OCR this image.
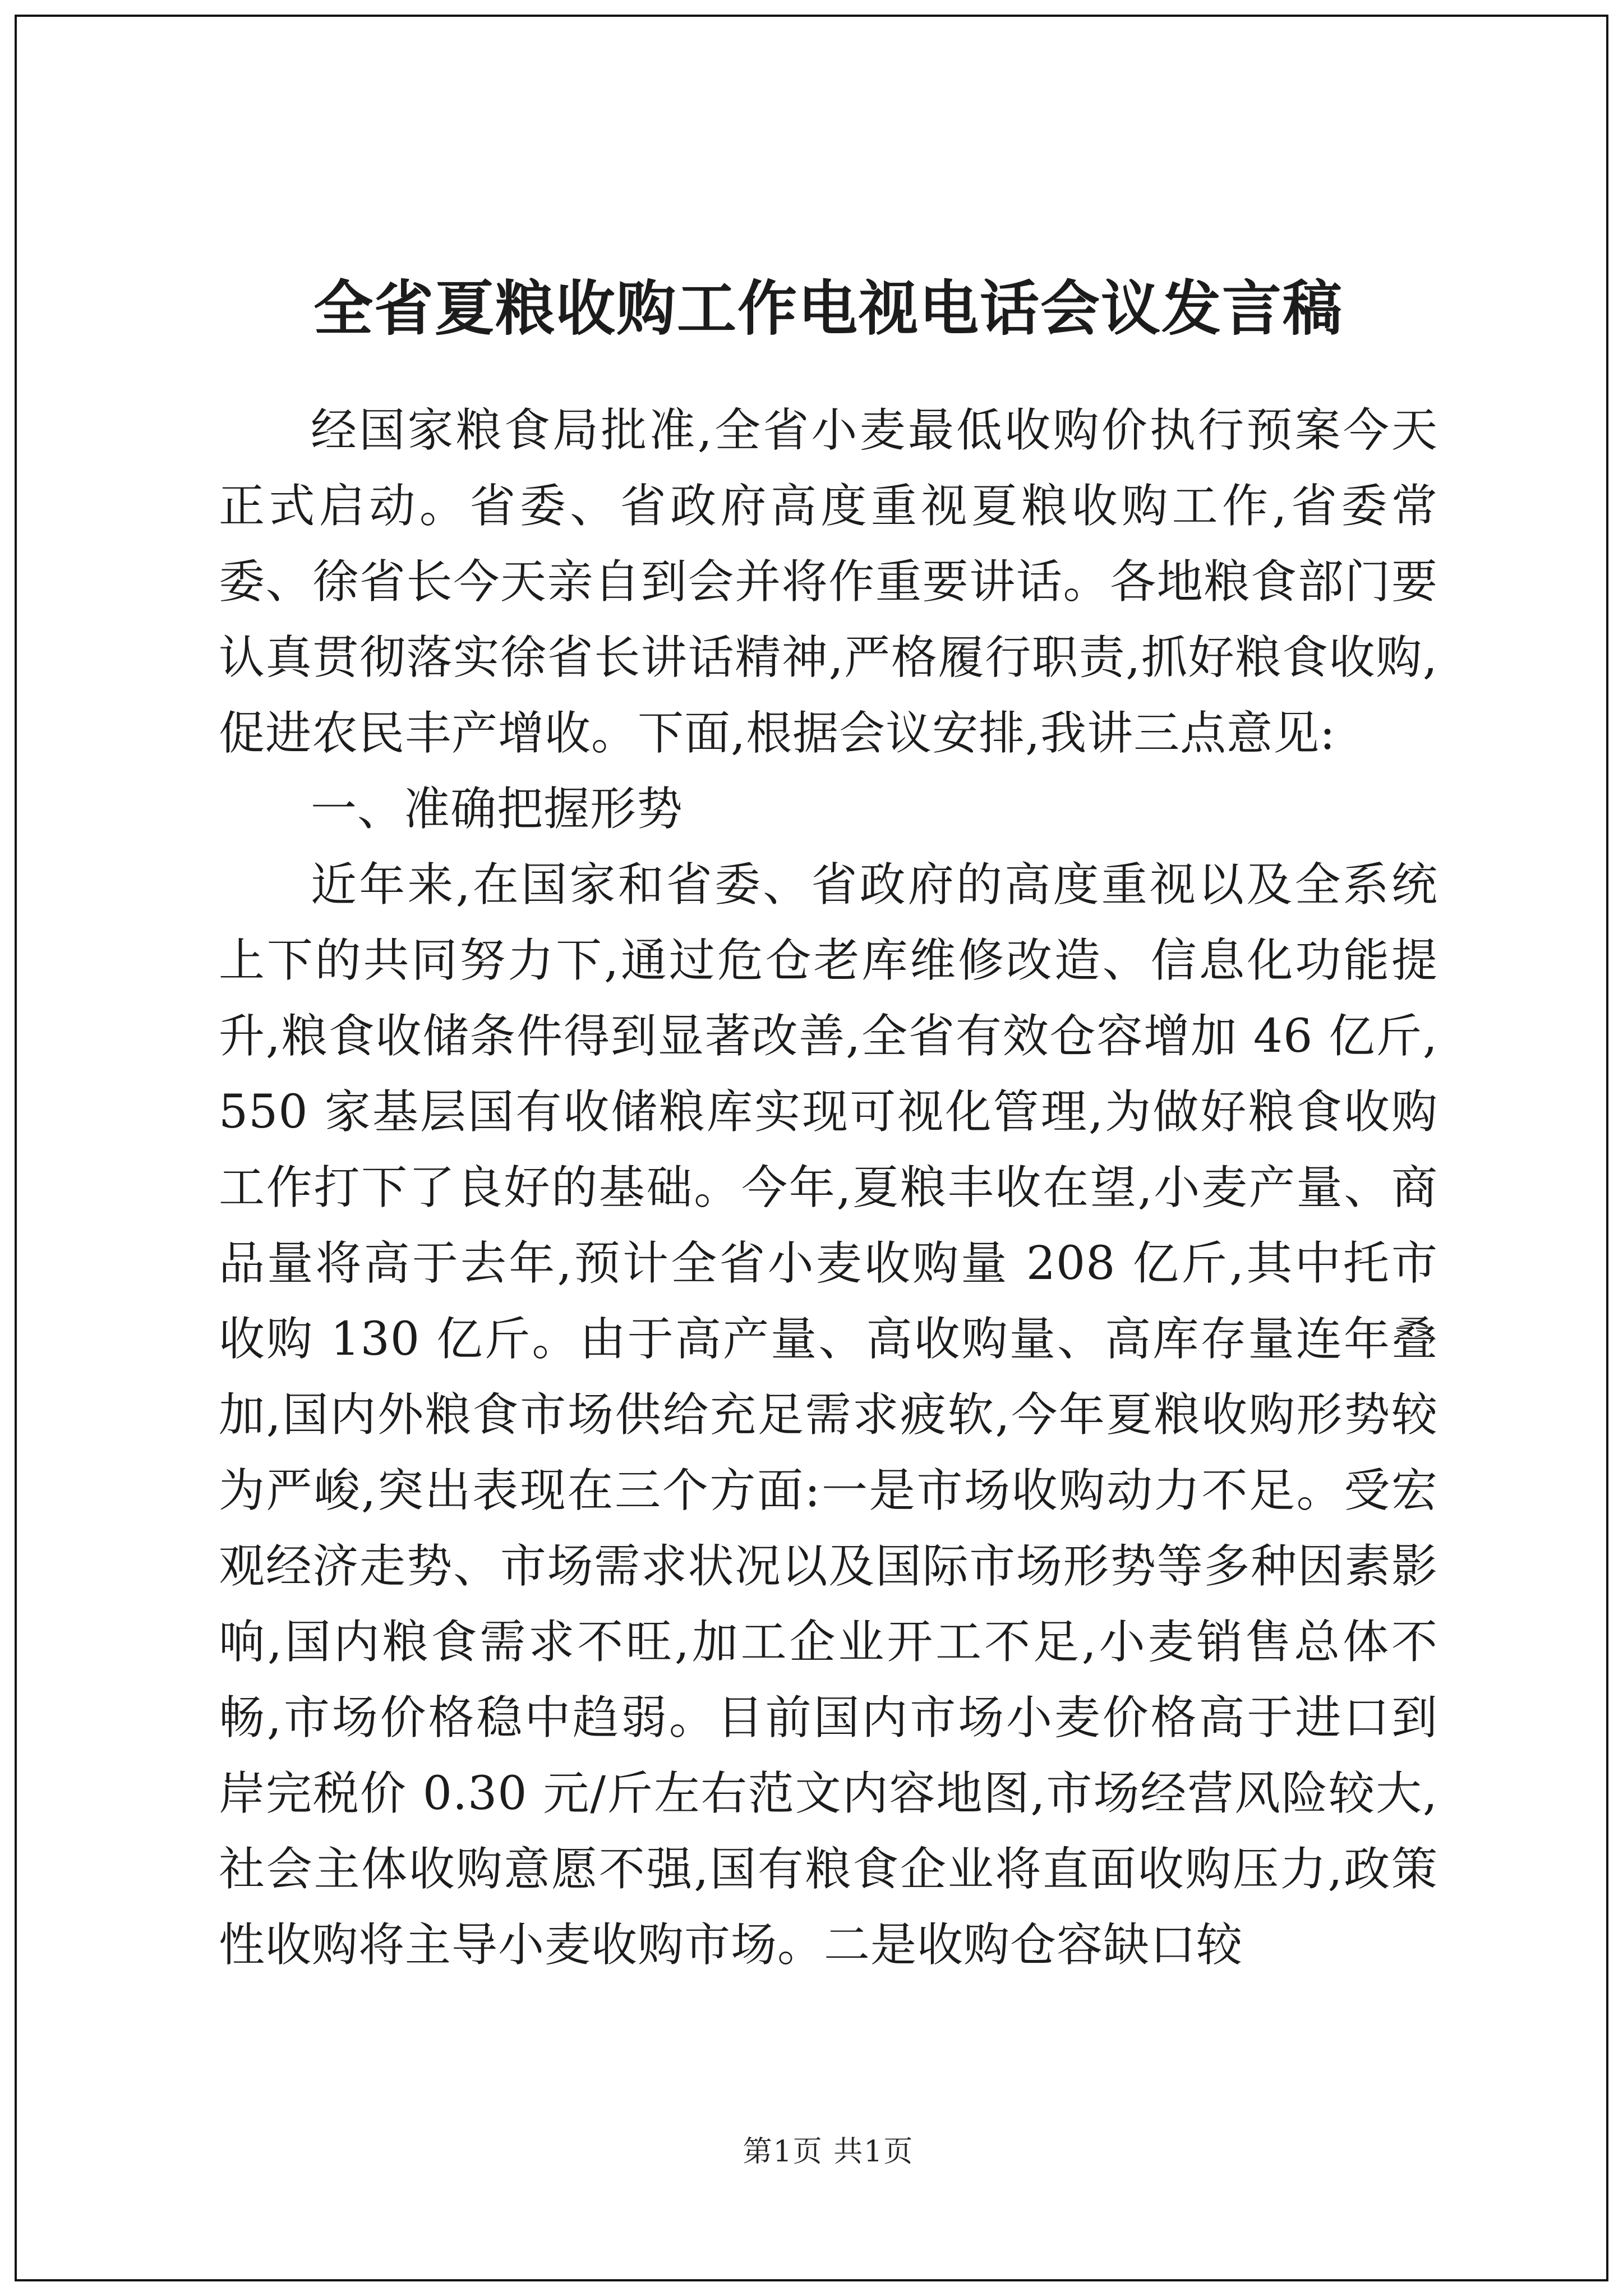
全省夏粮收购工作电视电话会议发言稿

经国家粮食局批准,全省小麦最低收购价执行预案今天正式启动。省委、省政府高度重视夏粮收购工作,省委常委、徐省长今天亲自到会并将作重要讲话。各地粮食部门要认真贯彻落实徐省长讲话精神,严格履行职责,抓好粮食收购,促进农民丰产增收。下面,根据会议安排,我讲三点意见:

一、准确把握形势

近年来,在国家和省委、省政府的高度重视以及全系统上下的共同努力下,通过危仓老库维修改造、信息化功能提升,粮食收储条件得到显著改善,全省有效仓容增加 46 亿斤,550 家基层国有收储粮库实现可视化管理,为做好粮食收购工作打下了良好的基础。今年,夏粮丰收在望,小麦产量、商品量将高于去年,预计全省小麦收购量 208 亿斤,其中托市收购 130 亿斤。由于高产量、高收购量、高库存量连年叠加,国内外粮食市场供给充足需求疲软,今年夏粮收购形势较为严峻,突出表现在三个方面:一是市场收购动力不足。受宏观经济走势、市场需求状况以及国际市场形势等多种因素影响,国内粮食需求不旺,加工企业开工不足,小麦销售总体不畅,市场价格稳中趋弱。目前国内市场小麦价格高于进口到岸完税价 0.30 元/斤左右范文内容地图,市场经营风险较大,社会主体收购意愿不强,国有粮食企业将直面收购压力,政策性收购将主导小麦收购市场。二是收购仓容缺口较

第1页 共1页
